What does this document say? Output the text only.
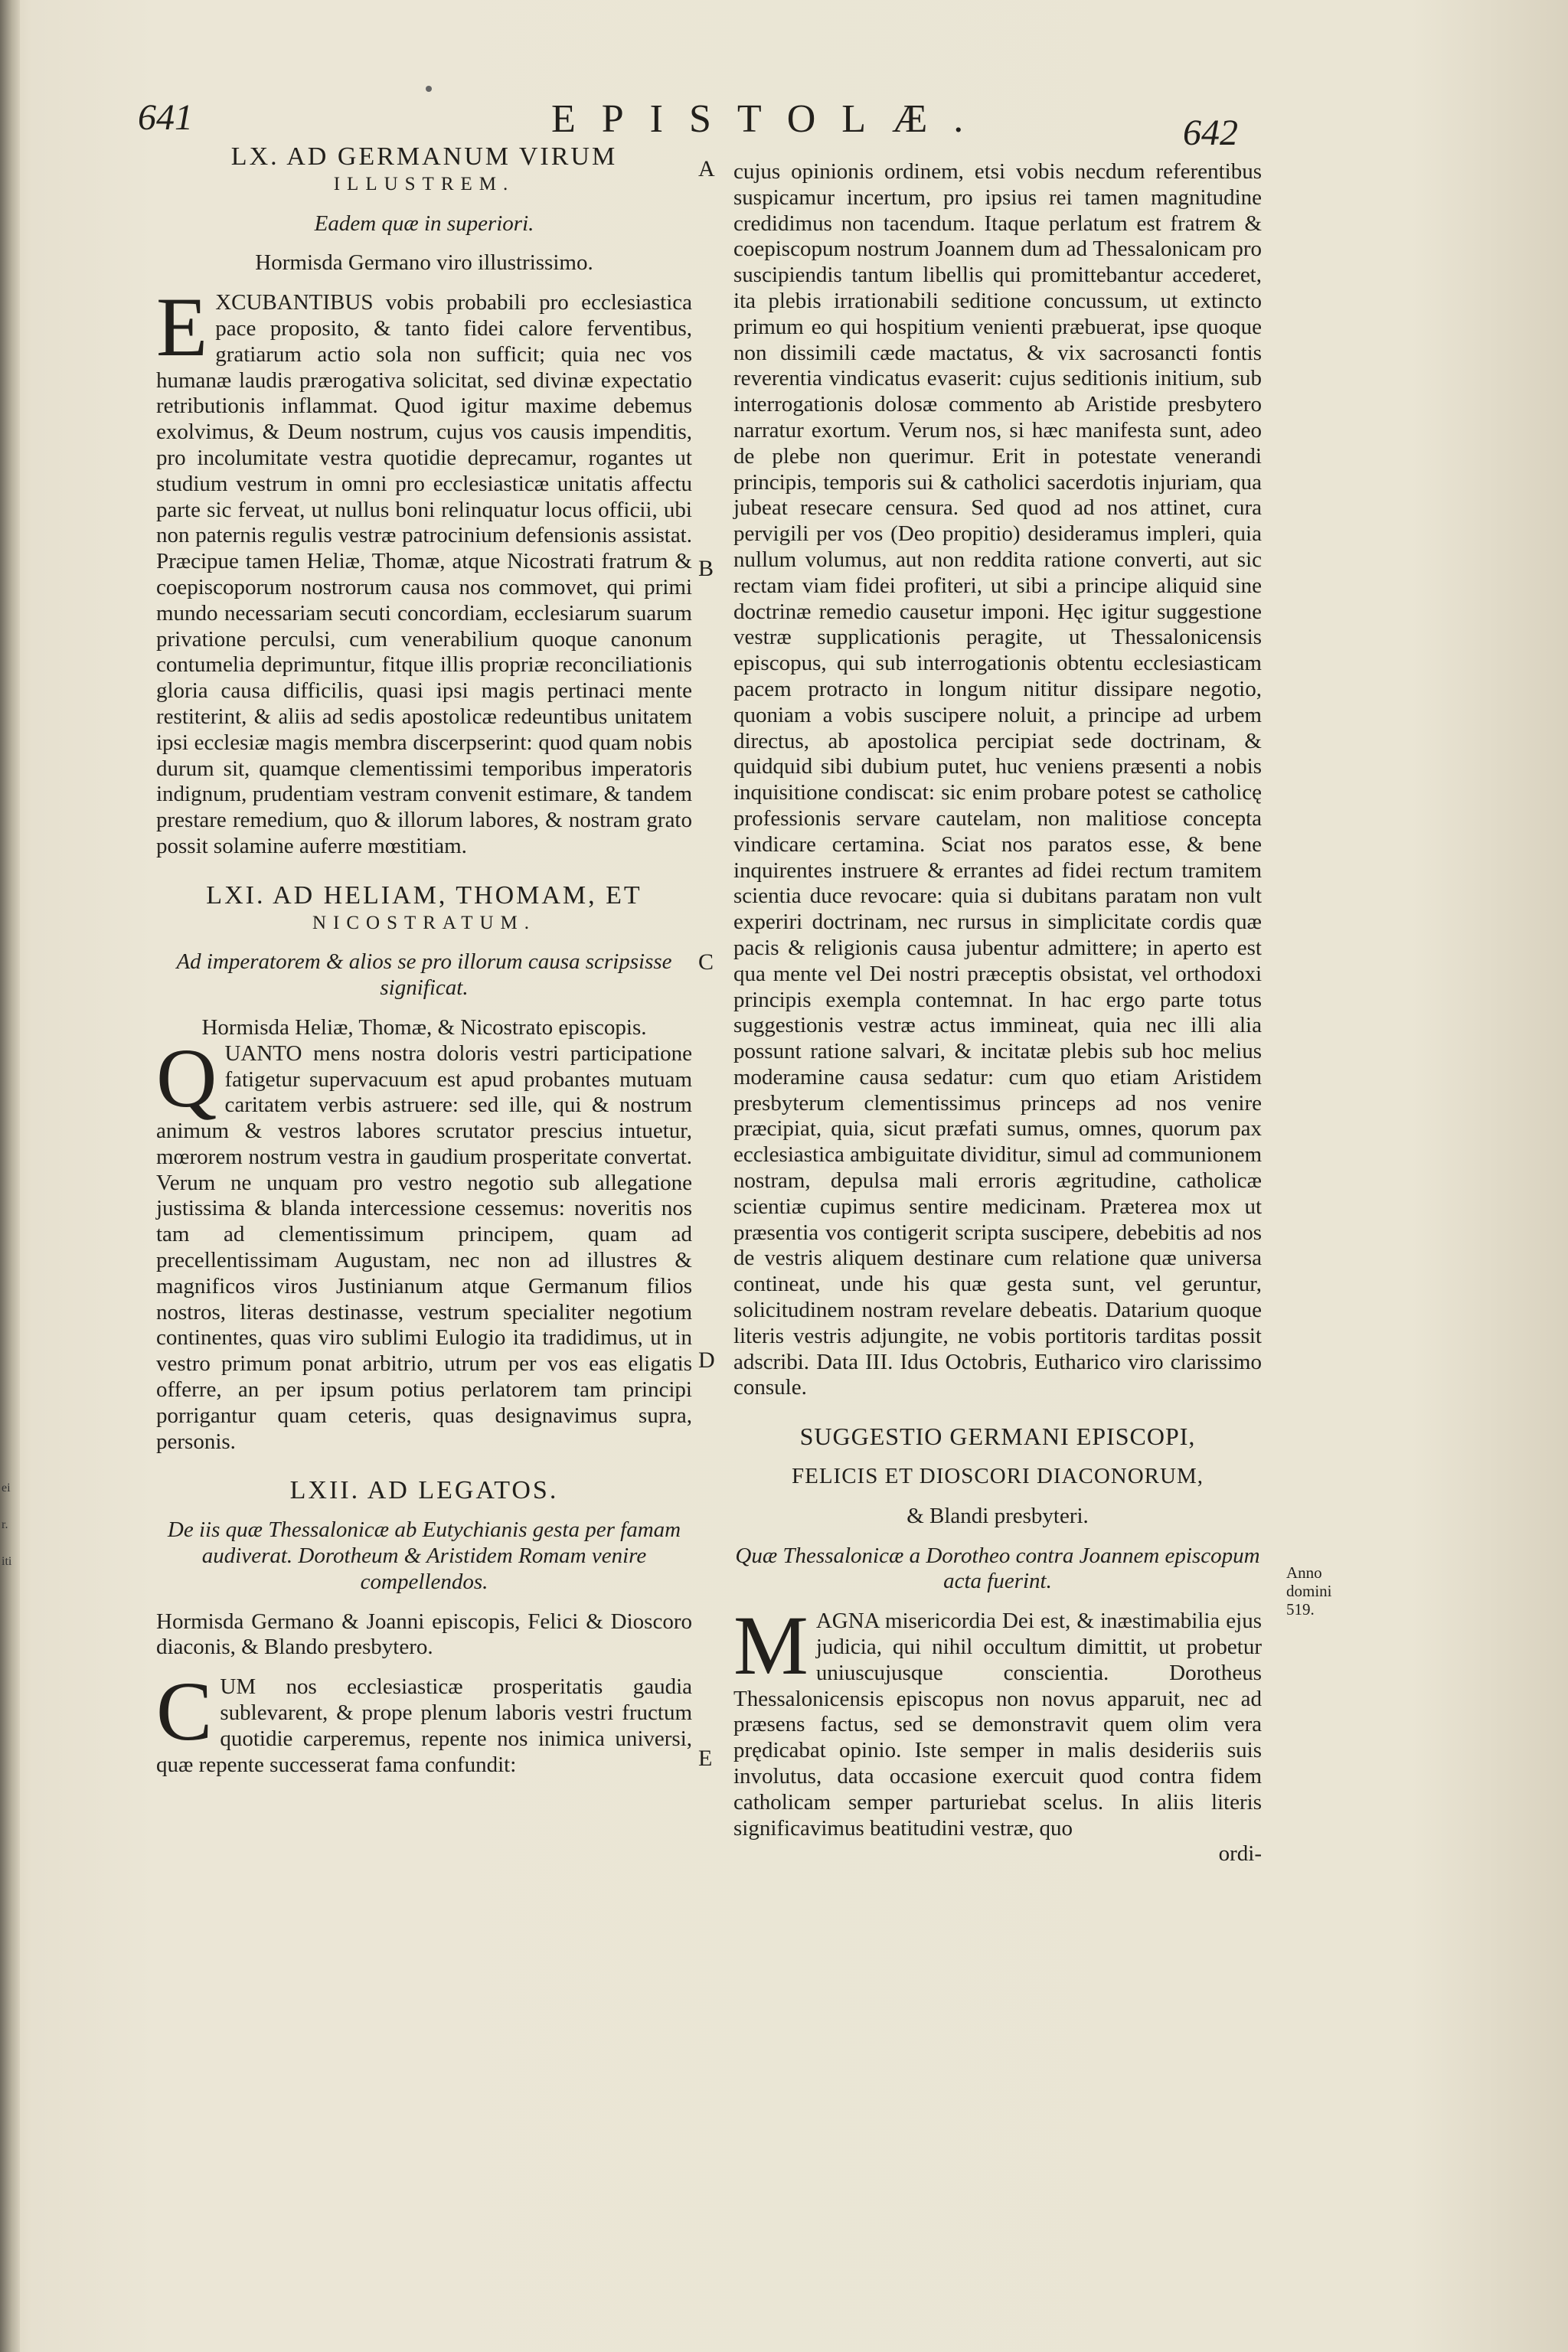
ei
r.
iti
641	EPISTOLÆ.	642

LX. AD GERMANUM VIRUM

ILLUSTREM.

Eadem quæ in superiori.

Hormisda Germano viro illustrissimo.

EXCUBANTIBUS vobis probabili pro ecclesiastica pace proposito, & tanto fidei calore ferventibus, gratiarum actio sola non sufficit; quia nec vos humanæ laudis prærogativa solicitat, sed divinæ expectatio retributionis inflammat. Quod igitur maxime debemus exolvimus, & Deum nostrum, cujus vos causis impenditis, pro incolumitate vestra quotidie deprecamur, rogantes ut studium vestrum in omni pro ecclesiasticæ unitatis affectu parte sic ferveat, ut nullus boni relinquatur locus officii, ubi non paternis regulis vestræ patrocinium defensionis assistat. Præcipue tamen Heliæ, Thomæ, atque Nicostrati fratrum & coepiscoporum nostrorum causa nos commovet, qui primi mundo necessariam secuti concordiam, ecclesiarum suarum privatione perculsi, cum venerabilium quoque canonum contumelia deprimuntur, fitque illis propriæ reconciliationis gloria causa difficilis, quasi ipsi magis pertinaci mente restiterint, & aliis ad sedis apostolicæ redeuntibus unitatem ipsi ecclesiæ magis membra discerpserint: quod quam nobis durum sit, quamque clementissimi temporibus imperatoris indignum, prudentiam vestram convenit estimare, & tandem prestare remedium, quo & illorum labores, & nostram grato possit solamine auferre mœstitiam.

LXI. AD HELIAM, THOMAM, ET

NICOSTRATUM.

Ad imperatorem & alios se pro illorum causa scripsisse significat.

Hormisda Heliæ, Thomæ, & Nicostrato episcopis.

QUANTO mens nostra doloris vestri participatione fatigetur supervacuum est apud probantes mutuam caritatem verbis astruere: sed ille, qui & nostrum animum & vestros labores scrutator prescius intuetur, mœrorem nostrum vestra in gaudium prosperitate convertat. Verum ne unquam pro vestro negotio sub allegatione justissima & blanda intercessione cessemus: noveritis nos tam ad clementissimum principem, quam ad precellentissimam Augustam, nec non ad illustres & magnificos viros Justinianum atque Germanum filios nostros, literas destinasse, vestrum specialiter negotium continentes, quas viro sublimi Eulogio ita tradidimus, ut in vestro primum ponat arbitrio, utrum per vos eas eligatis offerre, an per ipsum potius perlatorem tam principi porrigantur quam ceteris, quas designavimus supra, personis.

LXII. AD LEGATOS.

De iis quæ Thessalonicæ ab Eutychianis gesta per famam audiverat. Dorotheum & Aristidem Romam venire compellendos.

Hormisda Germano & Joanni episcopis, Felici & Dioscoro diaconis, & Blando presbytero.

CUM nos ecclesiasticæ prosperitatis gaudia sublevarent, & prope plenum laboris vestri fructum quotidie carperemus, repente nos inimica universi, quæ repente successerat fama confundit:

A
B
C
D
E

cujus opinionis ordinem, etsi vobis necdum referentibus suspicamur incertum, pro ipsius rei tamen magnitudine credidimus non tacendum. Itaque perlatum est fratrem & coepiscopum nostrum Joannem dum ad Thessalonicam pro suscipiendis tantum libellis qui promittebantur accederet, ita plebis irrationabili seditione concussum, ut extincto primum eo qui hospitium venienti præbuerat, ipse quoque non dissimili cæde mactatus, & vix sacrosancti fontis reverentia vindicatus evaserit: cujus seditionis initium, sub interrogationis dolosæ commento ab Aristide presbytero narratur exortum. Verum nos, si hæc manifesta sunt, adeo de plebe non querimur. Erit in potestate venerandi principis, temporis sui & catholici sacerdotis injuriam, qua jubeat resecare censura. Sed quod ad nos attinet, cura pervigili per vos (Deo propitio) desideramus impleri, quia nullum volumus, aut non reddita ratione converti, aut sic rectam viam fidei profiteri, ut sibi a principe aliquid sine doctrinæ remedio causetur imponi. Hęc igitur suggestione vestræ supplicationis peragite, ut Thessalonicensis episcopus, qui sub interrogationis obtentu ecclesiasticam pacem protracto in longum nititur dissipare negotio, quoniam a vobis suscipere noluit, a principe ad urbem directus, ab apostolica percipiat sede doctrinam, & quidquid sibi dubium putet, huc veniens præsenti a nobis inquisitione condiscat: sic enim probare potest se catholicę professionis servare cautelam, non malitiose concepta vindicare certamina. Sciat nos paratos esse, & bene inquirentes instruere & errantes ad fidei rectum tramitem scientia duce revocare: quia si dubitans paratam non vult experiri doctrinam, nec rursus in simplicitate cordis quæ pacis & religionis causa jubentur admittere; in aperto est qua mente vel Dei nostri præceptis obsistat, vel orthodoxi principis exempla contemnat. In hac ergo parte totus suggestionis vestræ actus immineat, quia nec illi alia possunt ratione salvari, & incitatæ plebis sub hoc melius moderamine causa sedatur: cum quo etiam Aristidem presbyterum clementissimus princeps ad nos venire præcipiat, quia, sicut præfati sumus, omnes, quorum pax ecclesiastica ambiguitate dividitur, simul ad communionem nostram, depulsa mali erroris ægritudine, catholicæ scientiæ cupimus sentire medicinam. Præterea mox ut præsentia vos contigerit scripta suscipere, debebitis ad nos de vestris aliquem destinare cum relatione quæ universa contineat, unde his quæ gesta sunt, vel geruntur, solicitudinem nostram revelare debeatis. Datarium quoque literis vestris adjungite, ne vobis portitoris tarditas possit adscribi. Data III. Idus Octobris, Eutharico viro clarissimo consule.

SUGGESTIO GERMANI EPISCOPI,

FELICIS ET DIOSCORI DIACONORUM,

& Blandi presbyteri.

Quæ Thessalonicæ a Dorotheo contra Joannem episcopum acta fuerint.

MAGNA misericordia Dei est, & inæstimabilia ejus judicia, qui nihil occultum dimittit, ut probetur uniuscujusque conscientia. Dorotheus Thessalonicensis episcopus non novus apparuit, nec ad præsens factus, sed se demonstravit quem olim vera prędicabat opinio. Iste semper in malis desideriis suis involutus, data occasione exercuit quod contra fidem catholicam semper parturiebat scelus. In aliis literis significavimus beatitudini vestræ, quo

ordi-

Anno domini 519.
